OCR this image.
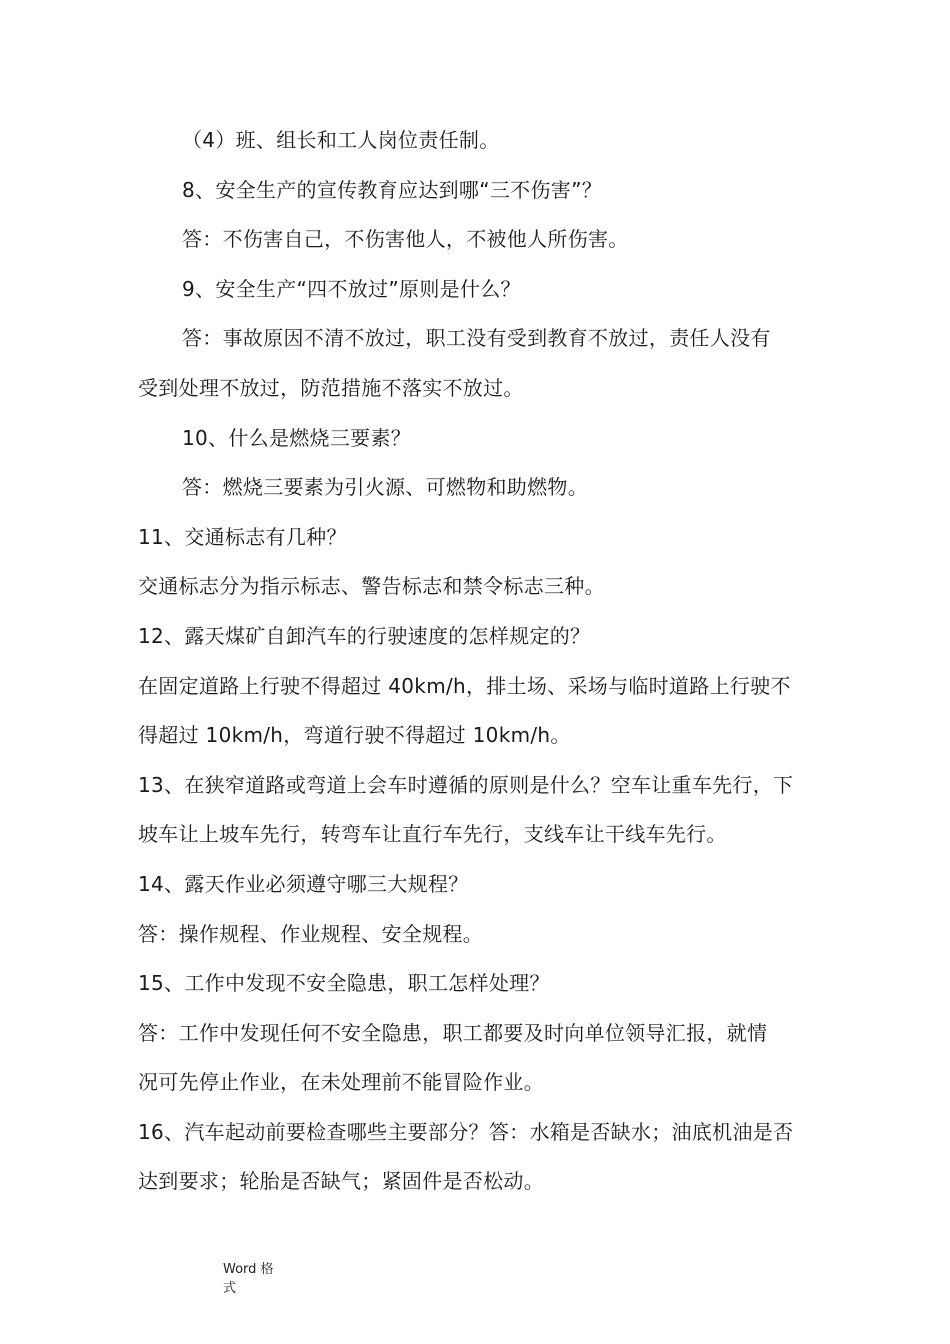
（4）班、组长和工人岗位责任制。
8、安全生产的宣传教育应达到哪“三不伤害”？
答：不伤害自己，不伤害他人，不被他人所伤害。
9、安全生产“四不放过”原则是什么？
答：事故原因不清不放过，职工没有受到教育不放过，责任人没有
受到处理不放过，防范措施不落实不放过。
10、什么是燃烧三要素？
答：燃烧三要素为引火源、可燃物和助燃物。
11、交通标志有几种？
交通标志分为指示标志、警告标志和禁令标志三种。
12、露天煤矿自卸汽车的行驶速度的怎样规定的？
在固定道路上行驶不得超过 40km/h，排土场、采场与临时道路上行驶不
得超过 10km/h，弯道行驶不得超过 10km/h。
13、在狭窄道路或弯道上会车时遵循的原则是什么？空车让重车先行，下
坡车让上坡车先行，转弯车让直行车先行，支线车让干线车先行。
14、露天作业必须遵守哪三大规程？
答：操作规程、作业规程、安全规程。
15、工作中发现不安全隐患，职工怎样处理？
答：工作中发现任何不安全隐患，职工都要及时向单位领导汇报，就情
况可先停止作业，在未处理前不能冒险作业。
16、汽车起动前要检查哪些主要部分？答：水箱是否缺水；油底机油是否
达到要求；轮胎是否缺气；紧固件是否松动。
Word 格
式
